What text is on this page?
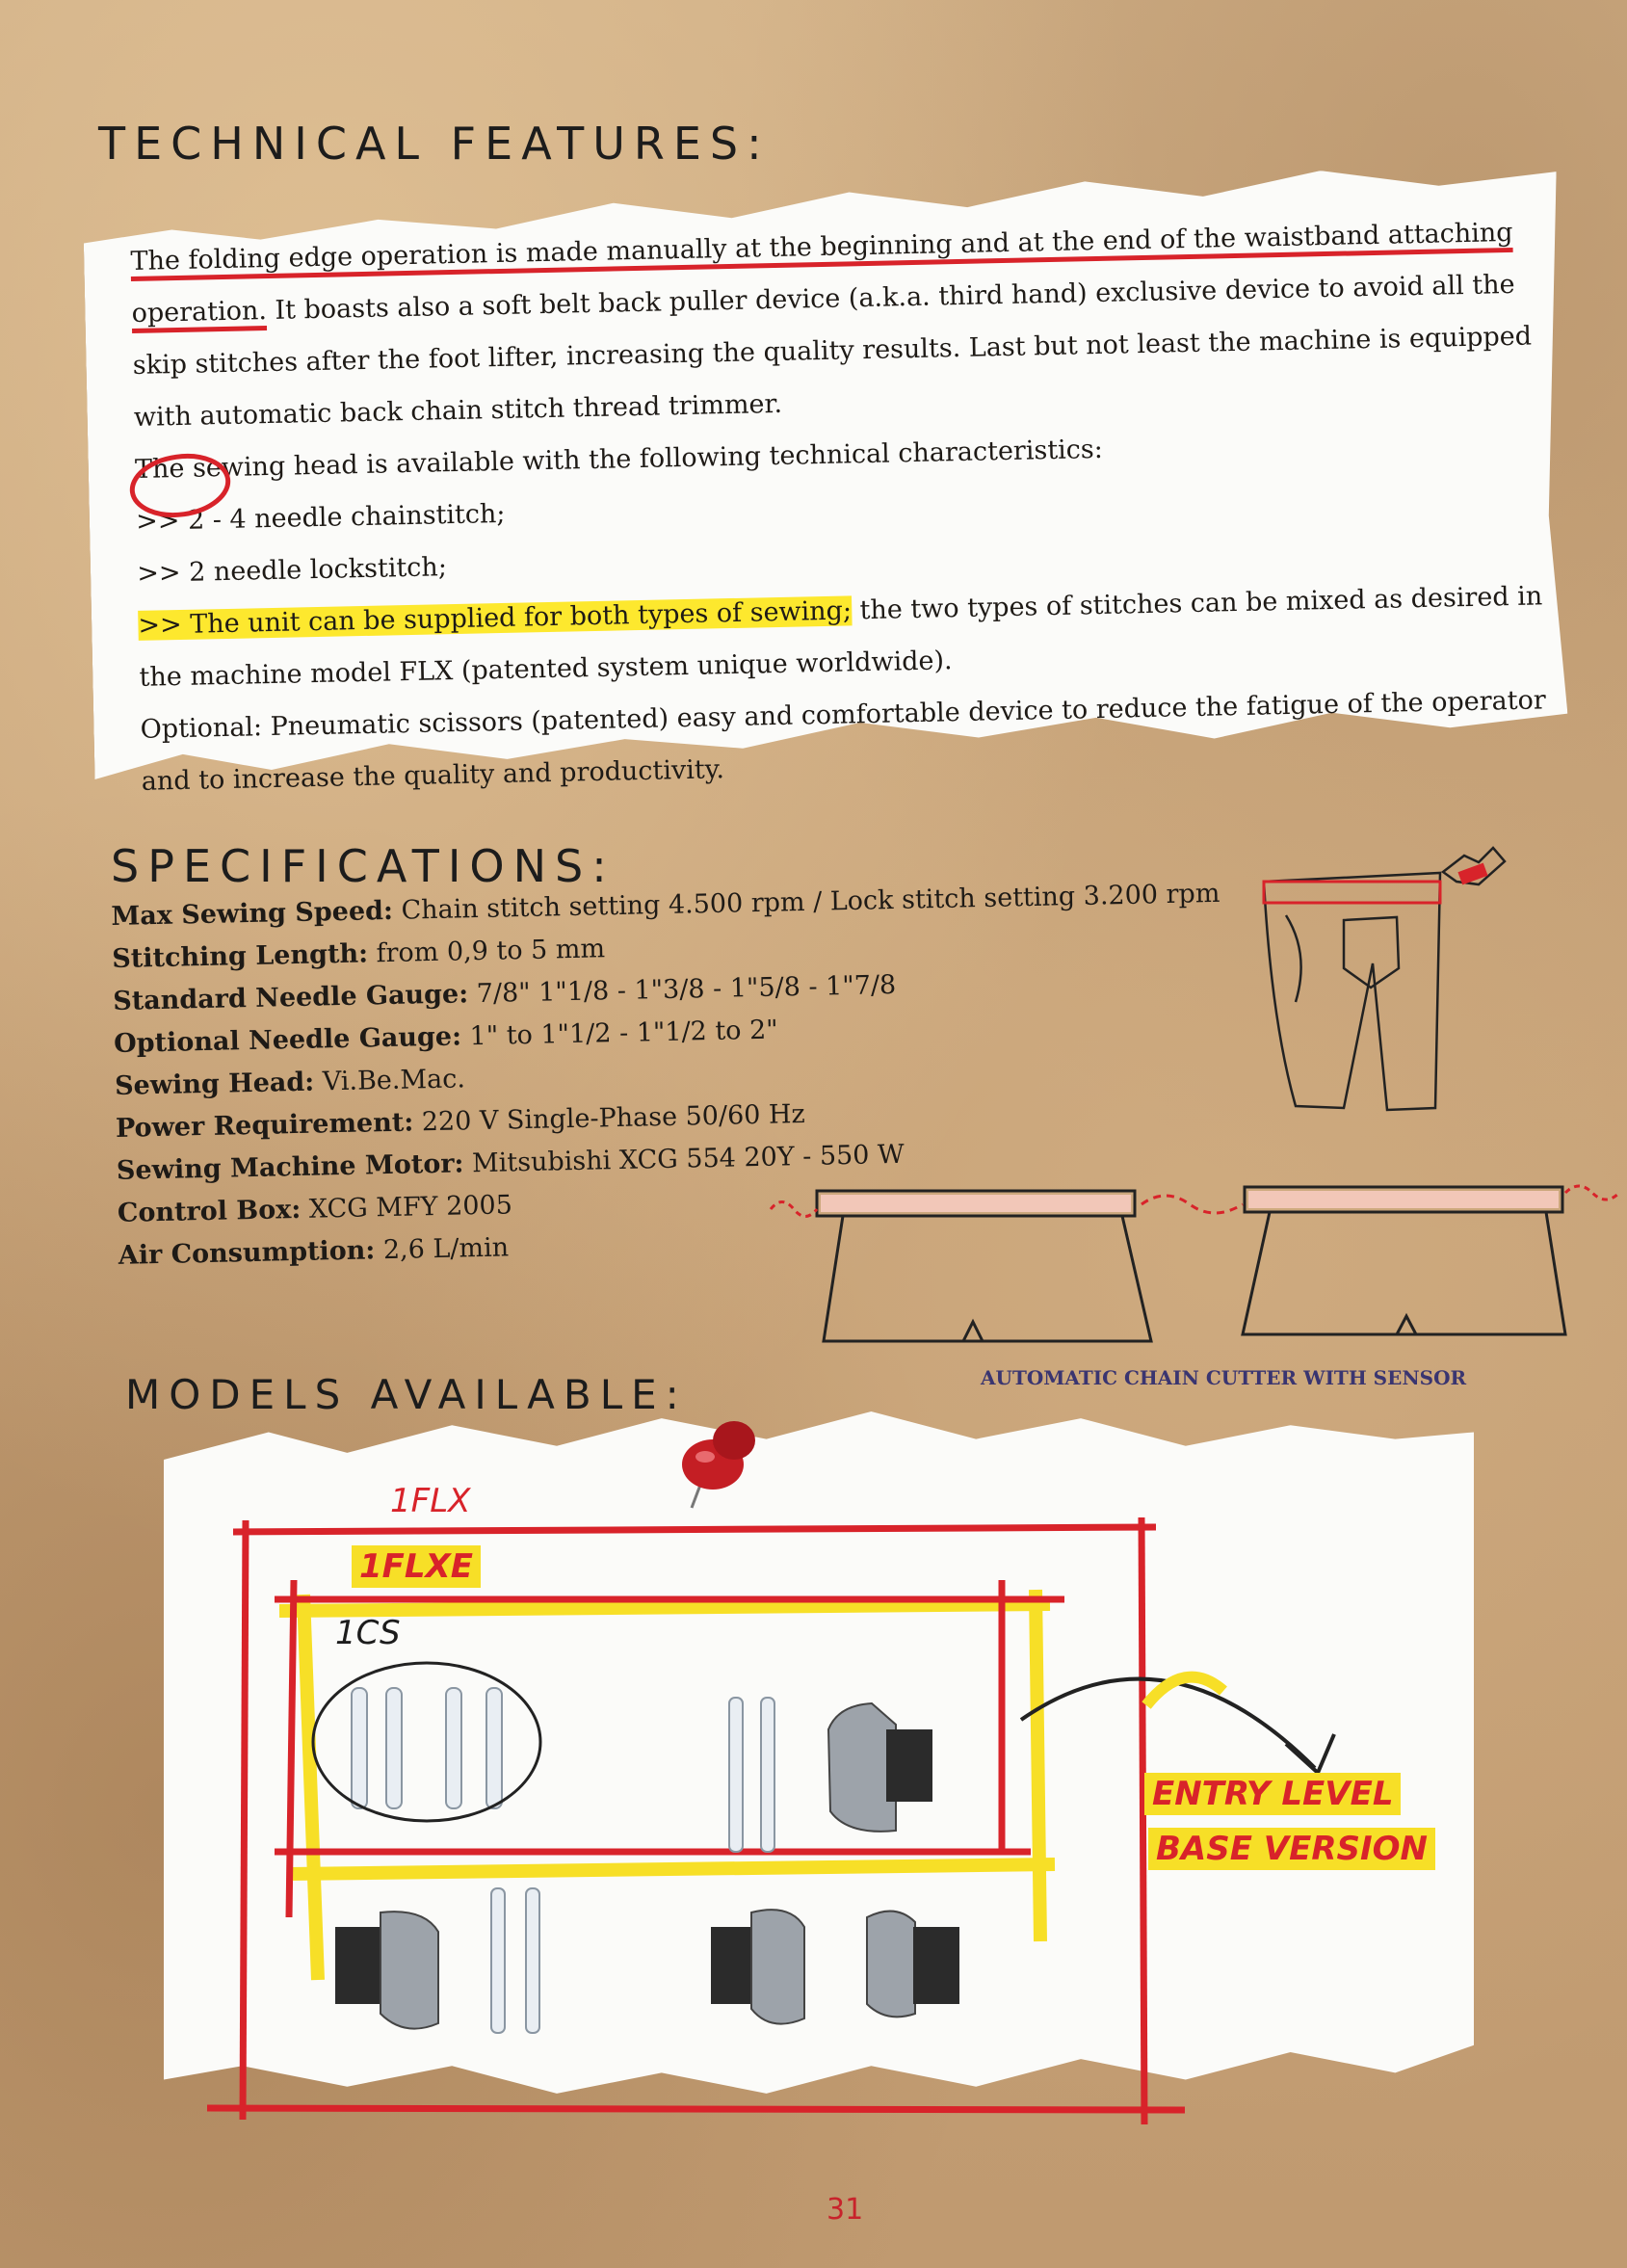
TECHNICAL FEATURES:

The folding edge operation is made manually at the beginning and at the end of the waistband attaching operation. It boasts also a soft belt back puller device (a.k.a. third hand) exclusive device to avoid all the skip stitches after the foot lifter, increasing the quality results. Last but not least the machine is equipped with automatic back chain stitch thread trimmer.

The sewing head is available with the following technical characteristics:

>> 2 - 4 needle chainstitch;

>> 2 needle lockstitch;

>> The unit can be supplied for both types of sewing; the two types of stitches can be mixed as desired in the machine model FLX (patented system unique worldwide).

Optional: Pneumatic scissors (patented) easy and comfortable device to reduce the fatigue of the operator and to increase the quality and productivity.

SPECIFICATIONS:
Max Sewing Speed: Chain stitch setting 4.500 rpm / Lock stitch setting 3.200 rpm
Stitching Length: from 0,9 to 5 mm
Standard Needle Gauge: 7/8" 1"1/8 - 1"3/8 - 1"5/8 - 1"7/8
Optional Needle Gauge: 1" to 1"1/2 - 1"1/2 to 2"
Sewing Head: Vi.Be.Mac.
Power Requirement: 220 V Single-Phase 50/60 Hz
Sewing Machine Motor: Mitsubishi XCG 554 20Y - 550 W
Control Box: XCG MFY 2005
Air Consumption: 2,6 L/min

AUTOMATIC CHAIN CUTTER WITH SENSOR

MODELS AVAILABLE:

1FLX

1FLXE

1CS

ENTRY LEVEL

BASE VERSION

31
